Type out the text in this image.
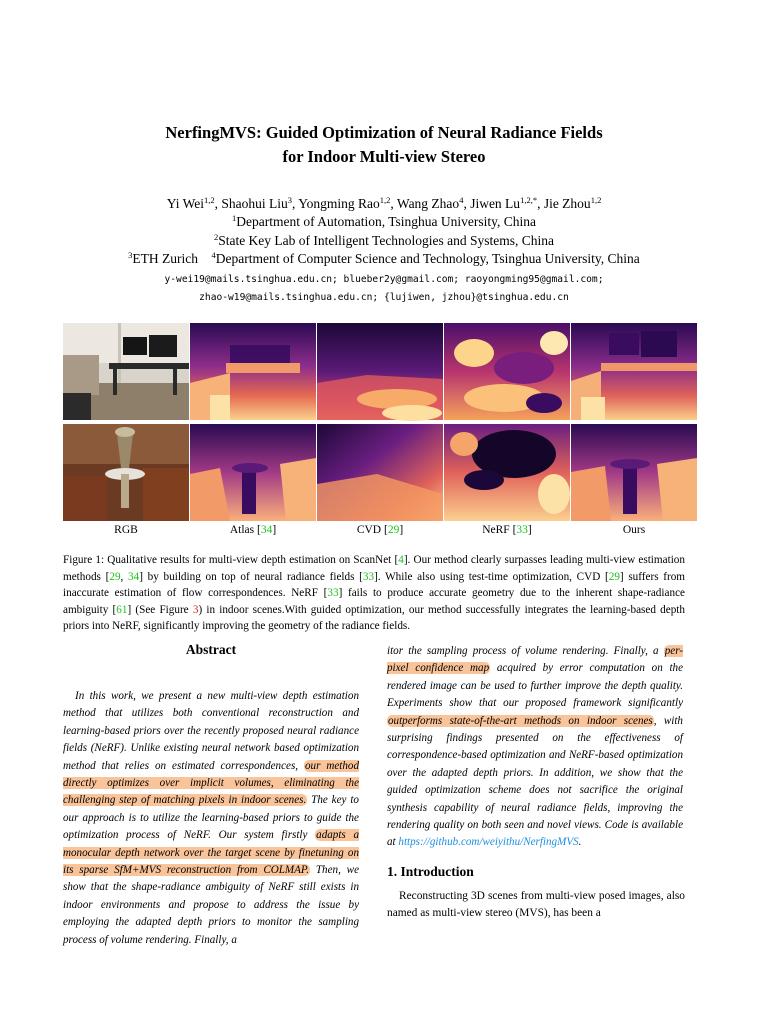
NerfingMVS: Guided Optimization of Neural Radiance Fields
for Indoor Multi-view Stereo
Yi Wei$^{1,2}$, Shaohui Liu$^3$, Yongming Rao$^{1,2}$, Wang Zhao$^4$, Jiwen $Lu^{1,2,*}$, Jie Zhou$^{1,2}$
$^1$Department of Automation, Tsinghua University, China
$^2$State Key Lab of Intelligent Technologies and Systems, China
$^3$ETH Zurich $^4$Department of Computer Science and Technology, Tsinghua University, China
y-wei19@mails.tsinghua.edu.cn; blueber2y@gmail.com; raoyongming95@gmail.com;
zhao-w19@mails.tsinghua.edu.cn; {lujiwen, jzhou}@tsinghua.edu.cn
RGB	Atlas [34]	CVD [29]	NeRF [33]	Ours
Figure 1: Qualitative results for multi-view depth estimation on ScanNet [4]. Our method clearly surpasses leading multi-view estimation methods [29, 34] by building on top of neural radiance fields [33]. While also using test-time optimization, CVD [29] suffers from inaccurate estimation of flow correspondences. NeRF [33] fails to produce accurate geometry due to the inherent shape-radiance ambiguity [61] (See Figure 3) in indoor scenes.With guided optimization, our method successfully integrates the learning-based depth priors into NeRF, significantly improving the geometry of the radiance fields.
Abstract
In this work, we present a new multi-view depth estimation method that utilizes both conventional reconstruction and learning-based priors over the recently proposed neural radiance fields (NeRF). Unlike existing neural network based optimization method that relies on estimated correspondences, our method directly optimizes over implicit volumes, eliminating the challenging step of matching pixels in indoor scenes. The key to our approach is to utilize the learning-based priors to guide the optimization process of NeRF. Our system firstly adapts a monocular depth network over the target scene by finetuning on its sparse SfM+MVS reconstruction from COLMAP. Then, we show that the shape-radiance ambiguity of NeRF still exists in indoor environments and propose to address the issue by employing the adapted depth priors to monitor the sampling process of volume rendering. Finally, a
itor the sampling process of volume rendering. Finally, a per-pixel confidence map acquired by error computation on the rendered image can be used to further improve the depth quality. Experiments show that our proposed framework significantly outperforms state-of-the-art methods on indoor scenes, with surprising findings presented on the effectiveness of correspondence-based optimization and NeRF-based optimization over the adapted depth priors. In addition, we show that the guided optimization scheme does not sacrifice the original synthesis capability of neural radiance fields, improving the rendering quality on both seen and novel views. Code is available at https://github.com/weiyithu/NerfingMVS.
1. Introduction
Reconstructing 3D scenes from multi-view posed images, also named as multi-view stereo (MVS), has been a
